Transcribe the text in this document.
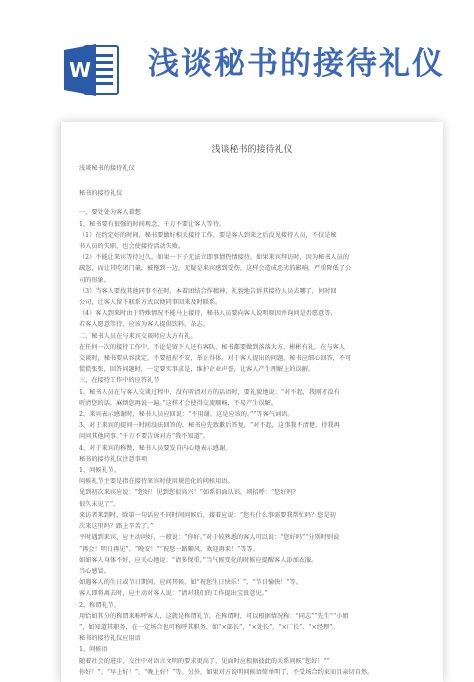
W 浅谈秘书的接待礼仪
浅谈秘书的接待礼仪
浅谈秘书的接待礼仪
秘书的接待礼仪
一、要处处为客人着想
1、秘书要有很强的时间观念，千万不要让客人等待。
（1）在约定好的时间，秘书要做好相关接待工作，要是客人到来之后没见接待人员，不仅是秘
书人员的失职，也会使接待活动失败。
（2）不能让来宾等待过久，如果一下子无法立即事情热情接待。如果来宾拜访时，因为秘书人员的
疏忽，而让其吃闭门羹，被拖到一边，无疑是来宾感到受伤，这样会造成恶劣的影响，严重降低了公
司的形象。
（3）当客人要找其他同事不在时，本着团结合作精神，礼貌地告诉其接待人员去哪了，何时回
公司，让客人留下联系方式以便同事回来及时联系。
（4）客人到来时由于特殊情况不能马上接待，秘书人员要向客人说明原因并询问是否愿意等，
若客人愿意等待，应该为客人提供饮料、杂志。
二、秘书人员在与来宾交谈时应大方有礼。
在任何一次的接待工作中，不论是留下人还有客队，秘书都要做到落落大方，彬彬有礼。在与客人
交谈时，秘书要从容淡定，不要扭捏不安，举止得体。对于客人提出的问题，秘书应细心回答，不可
慌慌张张，回答问题时，一定要实事求是，维护企业声誉，让客人产生理解上的误解。
三、在接待工作中的应答礼节
1、秘书人员在与客人交谈过程中，没有听清对方的话语时，要礼貌地说：“对不起，我刚才没有
听清您的话，麻烦您再说一遍。”这样才会使得交流顺畅，不易产生误解。
2、来宾表示感谢时，秘书人员应回说：“不用谢，这是应该的。”“等客气词语。
3、对于来宾的提问一时间没法回答的，秘书应先致歉后答复，“对不起，这事我不清楚，待我再
问问其他同事。”千万不要告诉对方“我不知道”。
4、对于来宾的称赞，秘书人员要发自内心地表示感谢。
秘书的接待礼仪注意事项
1、问候礼节。
问候礼节主要是指在接待来宾时使用规范化的问候用语。
见到初次来宾应说：“您好！见到您很高兴！”如系旧面认识，则招呼：“您好吗？
很久未见了”。
来访者来到时，除第一句话应不同时间问候后，接着应说：“您有什么事需要我帮忙吗？您是初
次来这里吗？路上辛苦了。”
平时遇到来宾，应主动问好，一般说：“你好。”对于较熟悉的客人可以说：“您好吗”“分别时则说
“再会！明日再见”、“晚安！”“祝您一路顺风，欢迎再来！”等等。
如如客人身体不好，应关心地说：“请多保重。”当气候变化的时候应提醒客人添加衣服。
当心感冒。
如遇客人的生日或节日期间，应问其候，如“祝您生日快乐！”、“节日愉快！”等。
客人即将离去时，应主动对客人说：“请对我们的工作提出宝贵意见。”
2、称谓礼节。
用恰如其分的称谓来称呼客人，这就是称谓礼节。在称谓时，可以根据情况称：“同志”“先生”“小姐
”、如知道其职务，在一定场合也可称呼其职务，如“×部长”、“×处长”、“×厂长”、“×经理”。
秘书的接待礼仪应用语
1、问候语
随着社会的进步，交往中对语言文明的要求更高了，见面时应根据彼此的关系问候“您好！”“
你好！”、“早上好！”、“晚上好！”等。另外，如果对方说明问候语简单明了，不受场合约束而且亲切自然。
